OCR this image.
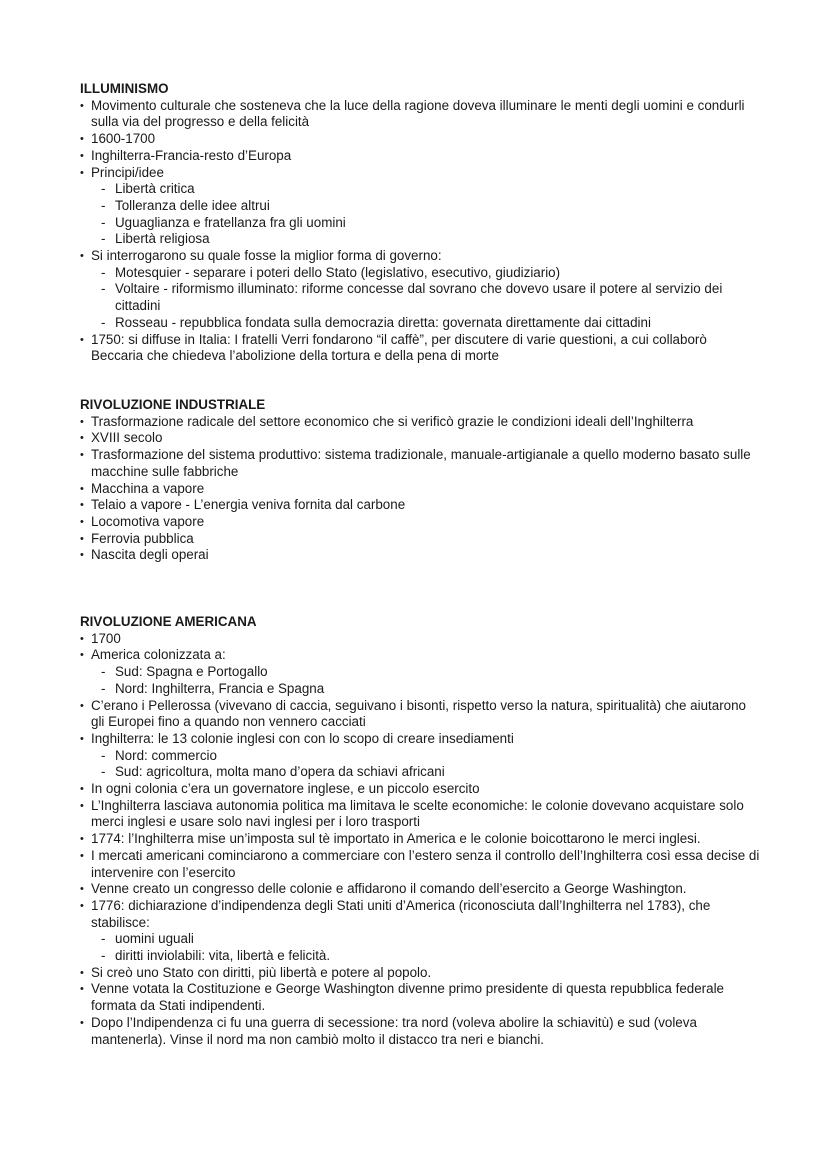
ILLUMINISMO
• Movimento culturale che sosteneva che la luce della ragione doveva illuminare le menti degli uomini e condurli sulla via del progresso e della felicità
• 1600-1700
• Inghilterra-Francia-resto d’Europa
• Principi/idee
- Libertà critica
- Tolleranza delle idee altrui
- Uguaglianza e fratellanza fra gli uomini
- Libertà religiosa
• Si interrogarono su quale fosse la miglior forma di governo:
- Motesquier - separare i poteri dello Stato (legislativo, esecutivo, giudiziario)
- Voltaire - riformismo illuminato: riforme concesse dal sovrano che dovevo usare il potere al servizio dei cittadini
- Rosseau - repubblica fondata sulla democrazia diretta: governata direttamente dai cittadini
• 1750: si diffuse in Italia: I fratelli Verri fondarono “il caffè”, per discutere di varie questioni, a cui collaborò Beccaria che chiedeva l’abolizione della tortura e della pena di morte
RIVOLUZIONE INDUSTRIALE
• Trasformazione radicale del settore economico che si verificò grazie le condizioni ideali dell’Inghilterra
• XVIII secolo
• Trasformazione del sistema produttivo: sistema tradizionale, manuale-artigianale a quello moderno basato sulle macchine sulle fabbriche
• Macchina a vapore
• Telaio a vapore - L’energia veniva fornita dal carbone
• Locomotiva vapore
• Ferrovia pubblica
• Nascita degli operai
RIVOLUZIONE AMERICANA
• 1700
• America colonizzata a:
- Sud: Spagna e Portogallo
- Nord: Inghilterra, Francia e Spagna
• C’erano i Pellerossa (vivevano di caccia, seguivano i bisonti, rispetto verso la natura, spiritualità) che aiutarono gli Europei fino a quando non vennero cacciati
• Inghilterra: le 13 colonie inglesi con con lo scopo di creare insediamenti
- Nord: commercio
- Sud: agricoltura, molta mano d’opera da schiavi africani
• In ogni colonia c’era un governatore inglese, e un piccolo esercito
• L’Inghilterra lasciava autonomia politica ma limitava le scelte economiche: le colonie dovevano acquistare solo merci inglesi e usare solo navi inglesi per i loro trasporti
• 1774: l’Inghilterra mise un’imposta sul tè importato in America e le colonie boicottarono le merci inglesi.
• I mercati americani cominciarono a commerciare con l’estero senza il controllo dell’Inghilterra così essa decise di intervenire con l’esercito
• Venne creato un congresso delle colonie e affidarono il comando dell’esercito a George Washington.
• 1776: dichiarazione d’indipendenza degli Stati uniti d’America (riconosciuta dall’Inghilterra nel 1783), che stabilisce:
- uomini uguali
- diritti inviolabili: vita, libertà e felicità.
• Si creò uno Stato con diritti, più libertà e potere al popolo.
• Venne votata la Costituzione e George Washington divenne primo presidente di questa repubblica federale formata da Stati indipendenti.
• Dopo l’Indipendenza ci fu una guerra di secessione: tra nord (voleva abolire la schiavitù) e sud (voleva mantenerla). Vinse il nord ma non cambiò molto il distacco tra neri e bianchi.
